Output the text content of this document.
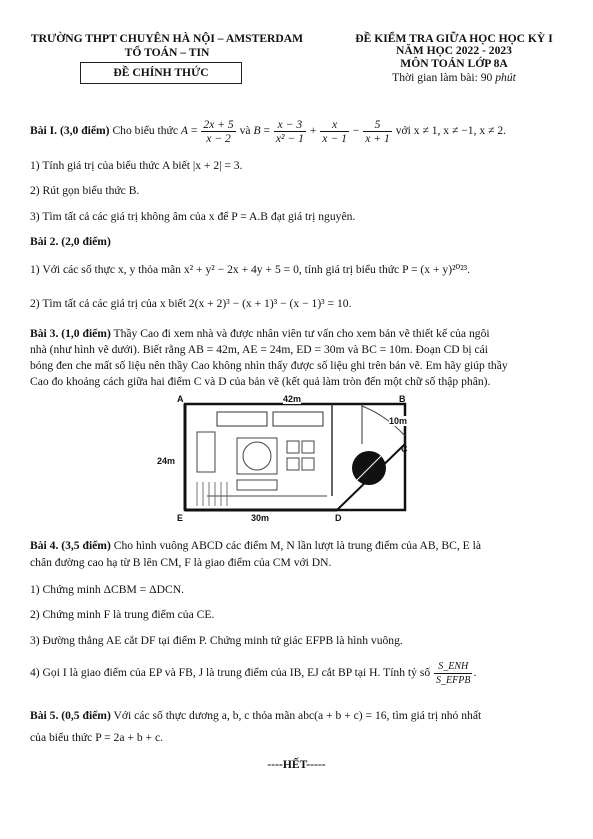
TRƯỜNG THPT CHUYÊN HÀ NỘI – AMSTERDAM
TỔ TOÁN – TIN
ĐỀ CHÍNH THỨC
ĐỀ KIỂM TRA GIỮA HỌC HỌC KỲ I
NĂM HỌC 2022 - 2023
MÔN TOÁN LỚP 8A
Thời gian làm bài: 90 phút
Bài I. (3,0 điểm) Cho biểu thức $A = \frac{2x + 5}{x - 2}$ và $B = \frac{x - 3}{\text{x² − 1}} + \frac{x}{x - 1} - \frac{5}{x + 1}$ với x ≠ 1, x ≠ −1, x ≠ 2.
1) Tính giá trị của biểu thức A biết |x + 2| = 3.
2) Rút gọn biểu thức B.
3) Tìm tất cả các giá trị không âm của x để P = A.B đạt giá trị nguyên.
Bài 2. (2,0 điểm)
1) Với các số thực x, y thỏa mãn x² + y² − 2x + 4y + 5 = 0, tính giá trị biểu thức P = (x + y)²⁰²³.
2) Tìm tất cả các giá trị của x biết 2(x + 2)³ − (x + 1)³ − (x − 1)³ = 10.
Bài 3. (1,0 điểm) Thầy Cao đi xem nhà và được nhân viên tư vấn cho xem bản vẽ thiết kế của ngôi
nhà (như hình vẽ dưới). Biết rằng AB = 42m, AE = 24m, ED = 30m và BC = 10m. Đoạn CD bị cái
bóng đen che mất số liệu nên thầy Cao không nhìn thấy được số liệu ghi trên bản vẽ. Em hãy giúp thầy
Cao đo khoảng cách giữa hai điểm C và D của bản vẽ (kết quả làm tròn đến một chữ số thập phân).
A	B
C
D
E
42m
10m
24m
30m
Bài 4. (3,5 điểm) Cho hình vuông ABCD các điểm M, N lần lượt là trung điểm của AB, BC, E là
chân đường cao hạ từ B lên CM, F là giao điểm của CM với DN.
1) Chứng minh ΔCBM = ΔDCN.
2) Chứng minh F là trung điểm của CE.
3) Đường thẳng AE cắt DF tại điểm P. Chứng minh tứ giác EFPB là hình vuông.
4) Gọi I là giao điểm của EP và FB, J là trung điểm của IB, EJ cắt BP tại H. Tính tỷ số $\frac{\text{S\_ENH}}{\text{S\_EFPB}}$ .
Bài 5. (0,5 điểm) Với các số thực dương a, b, c thỏa mãn abc(a + b + c) = 16, tìm giá trị nhỏ nhất
của biểu thức P = 2a + b + c.
----HẾT-----
